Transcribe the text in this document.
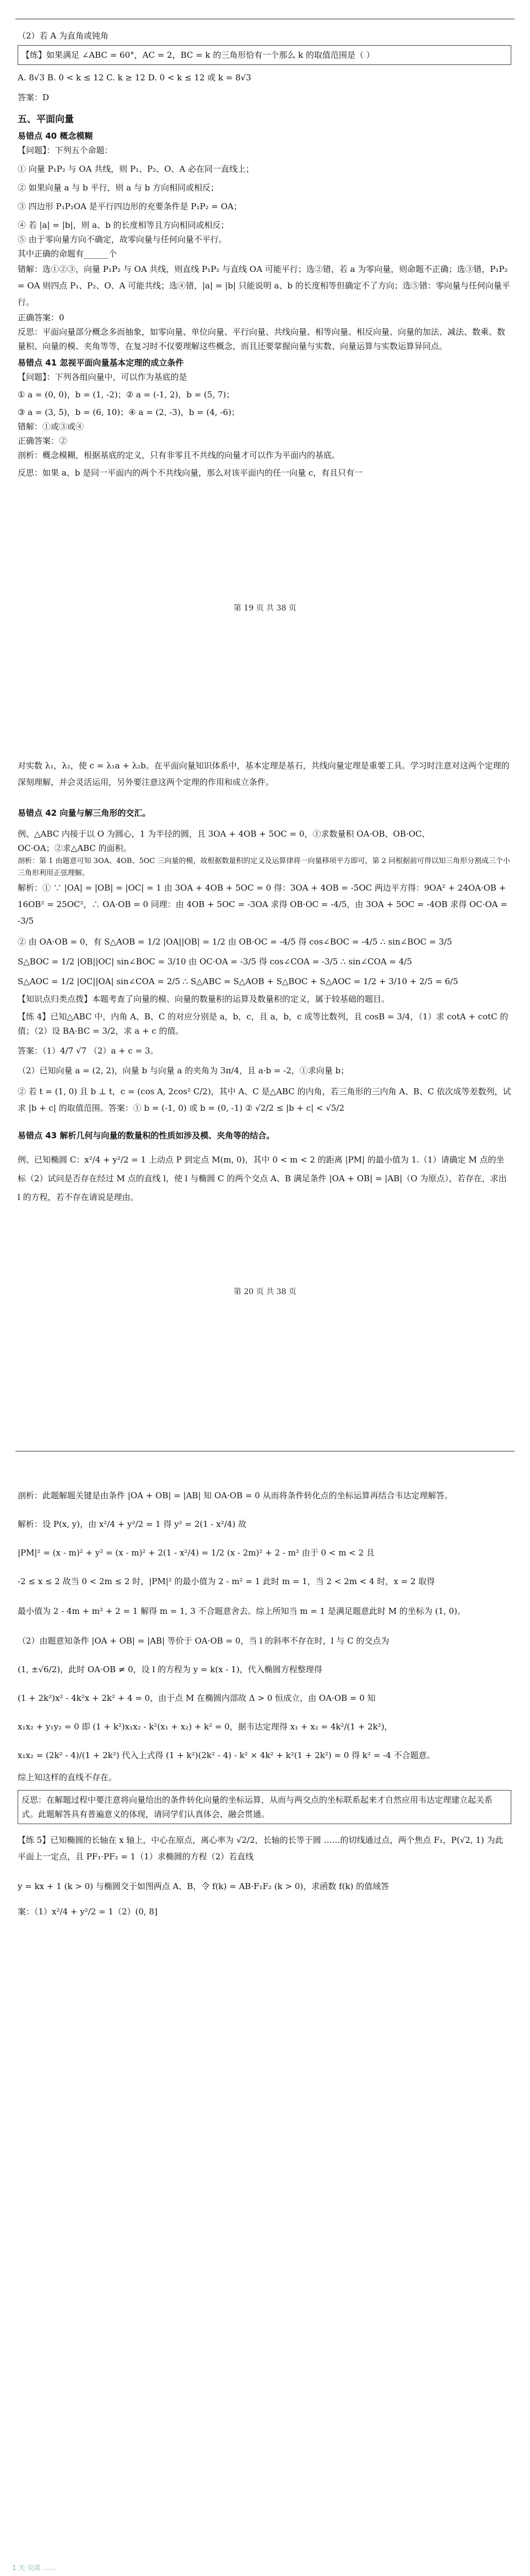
（2）若 A 为直角或钝角

【练】如果满足 ∠ABC = 60°，AC = 2，BC = k 的三角形恰有一个那么 k 的取值范围是（ ）

A. 8√3 B. 0 < k ≤ 12 C. k ≥ 12 D. 0 < k ≤ 12 或 k = 8√3

答案：D

五、平面向量
易错点 40 概念模糊

【问题】：下列五个命题：

① 向量 P₁P₂ 与 OA 共线，则 P₁、P₂、O、A 必在同一直线上；

② 如果向量 a 与 b 平行，则 a 与 b 方向相同或相反；

③ 四边形 P₁P₂OA 是平行四边形的充要条件是 P₁P₂ = OA；

④ 若 |a| = |b|，则 a、b 的长度相等且方向相同或相反；

⑤ 由于零向量方向不确定，故零向量与任何向量不平行。

其中正确的命题有______个

错解：选①②③，向量 P₁P₂ 与 OA 共线，则直线 P₁P₂ 与直线 OA 可能平行；选②错，若 a 为零向量，则命题不正确；选③错，P₁P₂ = OA 则四点 P₁、P₂、O、A 可能共线；选④错，|a| = |b| 只能说明 a、b 的长度相等但确定不了方向；选⑤错：零向量与任何向量平行。

正确答案：0

反思：平面向量部分概念多而抽象，如零向量、单位向量、平行向量、共线向量、相等向量、相反向量、向量的加法、减法、数乘、数量积、向量的模、夹角等等，在复习时不仅要理解这些概念，而且还要掌握向量与实数、向量运算与实数运算异同点。

易错点 41 忽视平面向量基本定理的成立条件

【问题】：下列各组向量中，可以作为基底的是

① a = (0, 0)，b = (1, -2)；② a = (-1, 2)，b = (5, 7)；

③ a = (3, 5)，b = (6, 10)；④ a = (2, -3)，b = (4, -6)；

错解：①或③或④

正确答案：②

剖析：概念模糊，根据基底的定义，只有非零且不共线的向量才可以作为平面内的基底。

反思：如果 a、b 是同一平面内的两个不共线向量，那么对该平面内的任一向量 c，有且只有一

第 19 页 共 38 页

对实数 λ₁，λ₂，使 c = λ₁a + λ₂b。在平面向量知识体系中，基本定理是基石，共线向量定理是重要工具。学习时注意对这两个定理的深刻理解，并会灵活运用，另外要注意这两个定理的作用和成立条件。

易错点 42 向量与解三角形的交汇。

例、△ABC 内接于以 O 为圆心，1 为半径的圆，且 3OA + 4OB + 5OC = 0，①求数量积 OA·OB、OB·OC、

OC·OA；②求△ABC 的面积。

剖析：第 1 由题意可知 3OA、4OB、5OC 三向量的模，故根据数量积的定义及运算律将一向量移项平方即可，第 2 问根据前可得以知三角形分割成三个小三角形利用正弦理解。

解析：① ∵ |OA| = |OB| = |OC| = 1 由 3OA + 4OB + 5OC = 0 得：3OA + 4OB = -5OC 两边平方得：9OA² + 24OA·OB + 16OB² = 25OC²，∴ OA·OB = 0 同理：由 4OB + 5OC = -3OA 求得 OB·OC = -4/5，由 3OA + 5OC = -4OB 求得 OC·OA = -3/5

② 由 OA·OB = 0，有 S△AOB = 1/2 |OA||OB| = 1/2 由 OB·OC = -4/5 得 cos∠BOC = -4/5 ∴ sin∠BOC = 3/5

S△BOC = 1/2 |OB||OC| sin∠BOC = 3/10 由 OC·OA = -3/5 得 cos∠COA = -3/5 ∴ sin∠COA = 4/5

S△AOC = 1/2 |OC||OA| sin∠COA = 2/5 ∴ S△ABC = S△AOB + S△BOC + S△AOC = 1/2 + 3/10 + 2/5 = 6/5

【知识点归类点拨】本题考查了向量的模、向量的数量积的运算及数量积的定义，属于较基础的题目。

【练 4】已知△ABC 中，内角 A、B、C 的对应分别是 a，b，c，且 a，b，c 成等比数列，且 cosB = 3/4，（1）求 cotA + cotC 的值；（2）设 BA·BC = 3/2，求 a + c 的值。

答案：（1）4/7 √7 （2）a + c = 3。

（2）已知向量 a = (2, 2)，向量 b 与向量 a 的夹角为 3π/4，且 a·b = -2，①求向量 b；

② 若 t = (1, 0) 且 b ⊥ t，c = (cos A, 2cos² C/2)，其中 A、C 是△ABC 的内角，若三角形的三内角 A、B、C 依次成等差数列，试求 |b + c| 的取值范围。答案：① b = (-1, 0) 或 b = (0, -1) ② √2/2 ≤ |b + c| < √5/2

易错点 43 解析几何与向量的数量积的性质如涉及模、夹角等的结合。

例、已知椭圆 C：x²/4 + y²/2 = 1 上动点 P 到定点 M(m, 0)，其中 0 < m < 2 的距离 |PM| 的最小值为 1.（1）请确定 M 点的坐标（2）试问是否存在经过 M 点的直线 l，使 l 与椭圆 C 的两个交点 A、B 满足条件 |OA + OB| = |AB|（O 为原点），若存在，求出 l 的方程，若不存在请说是理由。

第 20 页 共 38 页

剖析：此题解题关键是由条件 |OA + OB| = |AB| 知 OA·OB = 0 从而将条件转化点的坐标运算再结合韦达定理解答。

解析：设 P(x, y)，由 x²/4 + y²/2 = 1 得 y² = 2(1 - x²/4) 故

|PM|² = (x - m)² + y² = (x - m)² + 2(1 - x²/4) = 1/2 (x - 2m)² + 2 - m² 由于 0 < m < 2 且

-2 ≤ x ≤ 2 故当 0 < 2m ≤ 2 时，|PM|² 的最小值为 2 - m² = 1 此时 m = 1，当 2 < 2m < 4 时，x = 2 取得

最小值为 2 - 4m + m² + 2 = 1 解得 m = 1, 3 不合题意舍去。综上所知当 m = 1 是满足题意此时 M 的坐标为 (1, 0)。

（2）由题意知条件 |OA + OB| = |AB| 等价于 OA·OB = 0，当 l 的斜率不存在时，l 与 C 的交点为

(1, ±√6/2)，此时 OA·OB ≠ 0，设 l 的方程为 y = k(x - 1)，代入椭圆方程整理得

(1 + 2k²)x² - 4k²x + 2k² + 4 = 0，由于点 M 在椭圆内部故 Δ > 0 恒成立，由 OA·OB = 0 知

x₁x₂ + y₁y₂ = 0 即 (1 + k²)x₁x₂ - k²(x₁ + x₂) + k² = 0，据韦达定理得 x₁ + x₂ = 4k²/(1 + 2k²)，

x₁x₂ = (2k² - 4)/(1 + 2k²) 代入上式得 (1 + k²)(2k² - 4) - k² × 4k² + k²(1 + 2k²) = 0 得 k² = -4 不合题意。

综上知这样的直线不存在。

反思：在解题过程中要注意将向量给出的条件转化向量的坐标运算，从而与两交点的坐标联系起来才自然应用韦达定理建立起关系式。此题解答具有普遍意义的体现，请同学们认真体会、融会贯通。

【练 5】已知椭圆的长轴在 x 轴上，中心在原点，离心率为 √2/2，长轴的长等于圆 ……的切线通过点，两个焦点 F₁，P(√2, 1) 为此平面上一定点，且 PF₁·PF₂ = 1（1）求椭圆的方程（2）若直线

y = kx + 1 (k > 0) 与椭圆交于如图两点 A、B，令 f(k) = AB·F₁F₂ (k > 0)，求函数 f(k) 的值域答

案：（1）x²/4 + y²/2 = 1（2）(0, 8]

1 天 尖读 ……
